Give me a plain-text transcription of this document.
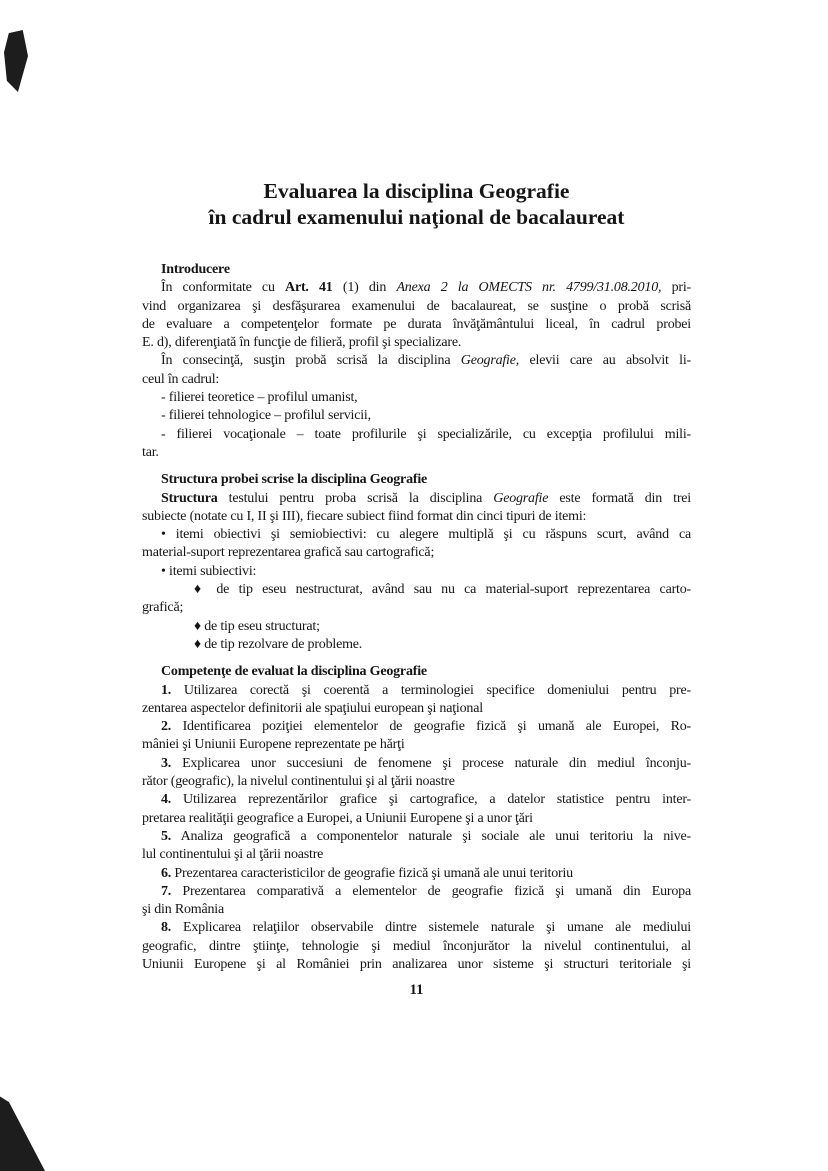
Evaluarea la disciplina Geografie
în cadrul examenului naţional de bacalaureat
Introducere
În conformitate cu Art. 41 (1) din Anexa 2 la OMECTS nr. 4799/31.08.2010, pri-
vind organizarea şi desfăşurarea examenului de bacalaureat, se susţine o probă scrisă
de evaluare a competenţelor formate pe durata învăţământului liceal, în cadrul probei
E. d), diferenţiată în funcţie de filieră, profil şi specializare.
În consecinţă, susţin probă scrisă la disciplina Geografie, elevii care au absolvit li-
ceul în cadrul:
- filierei teoretice – profilul umanist,
- filierei tehnologice – profilul servicii,
- filierei vocaţionale – toate profilurile şi specializările, cu excepţia profilului mili-
tar.
Structura probei scrise la disciplina Geografie
Structura testului pentru proba scrisă la disciplina Geografie este formată din trei
subiecte (notate cu I, II şi III), fiecare subiect fiind format din cinci tipuri de itemi:
• itemi obiectivi şi semiobiectivi: cu alegere multiplă şi cu răspuns scurt, având ca
material-suport reprezentarea grafică sau cartografică;
• itemi subiectivi:
♦ de tip eseu nestructurat, având sau nu ca material-suport reprezentarea carto-
grafică;
♦ de tip eseu structurat;
♦ de tip rezolvare de probleme.
Competenţe de evaluat la disciplina Geografie
1. Utilizarea corectă şi coerentă a terminologiei specifice domeniului pentru pre-
zentarea aspectelor definitorii ale spaţiului european şi naţional
2. Identificarea poziţiei elementelor de geografie fizică şi umană ale Europei, Ro-
mâniei şi Uniunii Europene reprezentate pe hărţi
3. Explicarea unor succesiuni de fenomene şi procese naturale din mediul înconju-
rător (geografic), la nivelul continentului şi al ţării noastre
4. Utilizarea reprezentărilor grafice şi cartografice, a datelor statistice pentru inter-
pretarea realităţii geografice a Europei, a Uniunii Europene şi a unor ţări
5. Analiza geografică a componentelor naturale şi sociale ale unui teritoriu la nive-
lul continentului şi al ţării noastre
6. Prezentarea caracteristicilor de geografie fizică şi umană ale unui teritoriu
7. Prezentarea comparativă a elementelor de geografie fizică şi umană din Europa
şi din România
8. Explicarea relaţiilor observabile dintre sistemele naturale şi umane ale mediului
geografic, dintre ştiinţe, tehnologie şi mediul înconjurător la nivelul continentului, al
Uniunii Europene şi al României prin analizarea unor sisteme şi structuri teritoriale şi
11
